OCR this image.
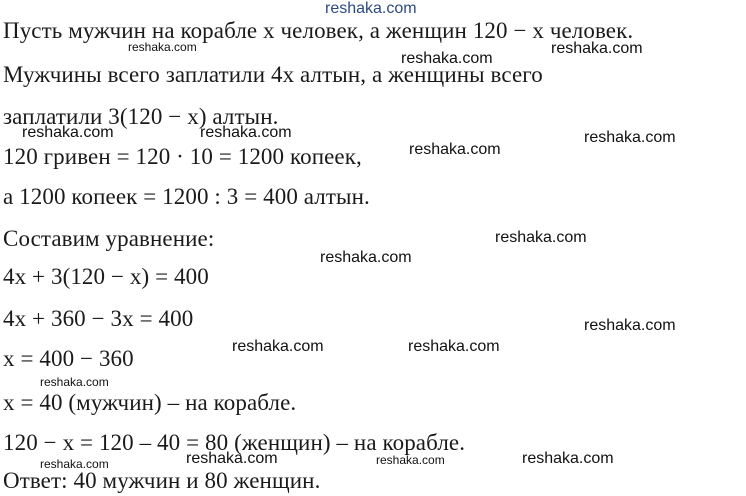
Пусть мужчин на корабле x человек, а женщин 120 − x человек.
Мужчины всего заплатили 4x алтын, а женщины всего
заплатили 3(120 − x) алтын.
120 гривен = 120 · 10 = 1200 копеек,
а 1200 копеек = 1200 : 3 = 400 алтын.
Составим уравнение:
4x + 3(120 − x) = 400
4x + 360 − 3x = 400
x = 400 − 360
x = 40 (мужчин) – на корабле.
120 − x = 120 – 40 = 80 (женщин) – на корабле.
Ответ: 40 мужчин и 80 женщин.
reshaka.com
reshaka.com
reshaka.com
reshaka.com
reshaka.com	reshaka.com
reshaka.com
reshaka.com
reshaka.com
reshaka.com
reshaka.com
reshaka.com	reshaka.com
reshaka.com
reshaka.com	reshaka.com	reshaka.com	reshaka.com
